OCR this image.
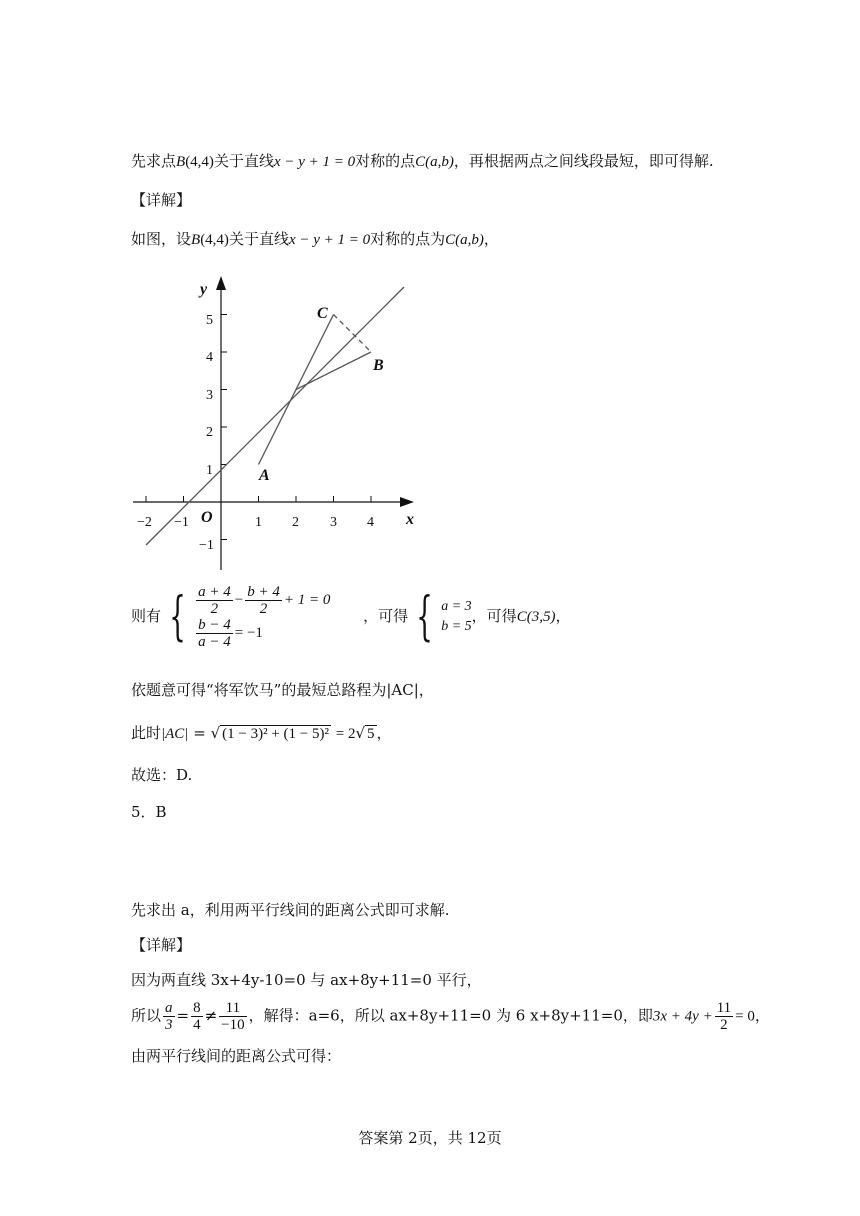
先求点B(4,4)关于直线x − y + 1 = 0对称的点C(a,b)，再根据两点之间线段最短，即可得解.
【详解】
如图，设B(4,4)关于直线x − y + 1 = 0对称的点为C(a,b)，
−2 −1	1 2 3 4
−1
1
2
3
4
5
x
y
O
A
B
C
则有 { $\frac{a + 4}{2} - \frac{b + 4}{2} + 1 = 0$
$\frac{b - 4}{a - 4} = -1$
，可得 { a = 3
b = 5
，可得C(3,5)，
依题意可得“将军饮马”的最短总路程为|AC|，
此时|AC| = √ (1 − 3)² + (1 − 5)² = 2√ 5 ，
故选：D.
5．B
先求出 a，利用两平行线间的距离公式即可求解.
【详解】
因为两直线 3x+4y-10=0 与 ax+8y+11=0 平行，
所以 $\frac{a}{3} = \frac{8}{4} \ne \frac{11}{-10}$ ，解得：a=6，所以 ax+8y+11=0 为 6 x+8y+11=0，即$3x + 4y + \frac{11}{2} = 0$，
由两平行线间的距离公式可得：
答案第 2页，共 12页
